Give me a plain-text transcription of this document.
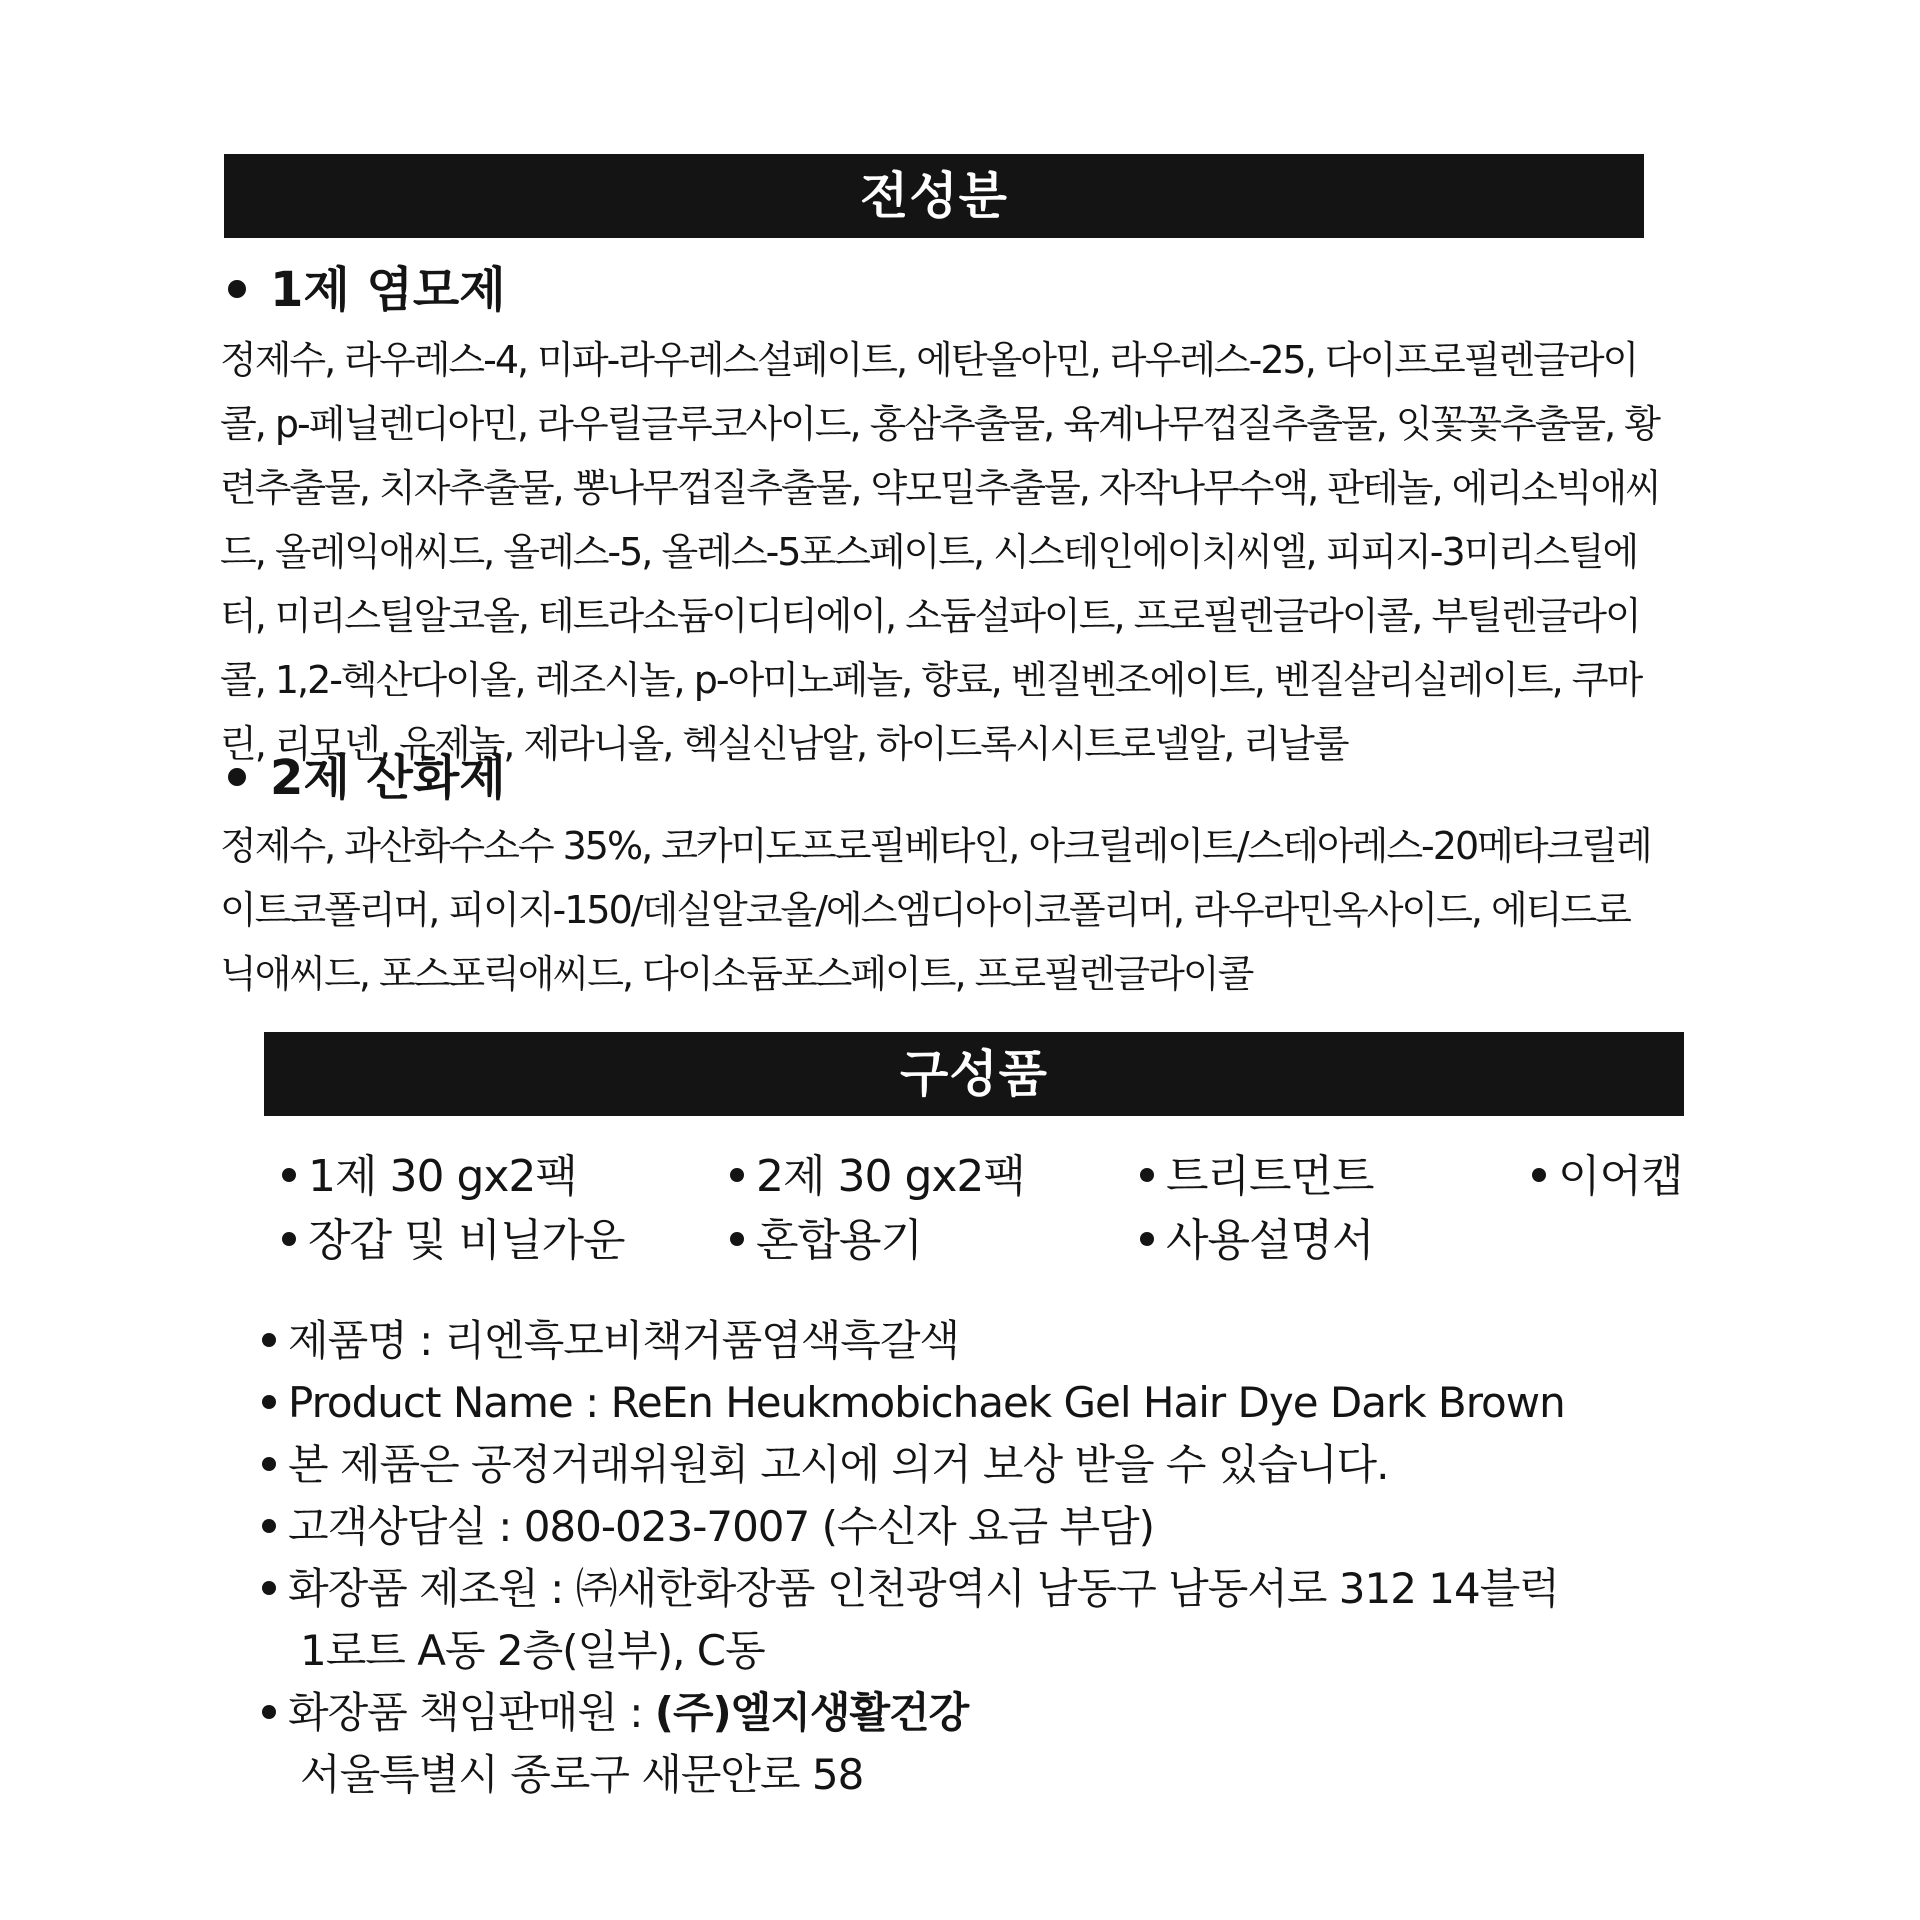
전성분
1제 염모제
정제수, 라우레스-4, 미파-라우레스설페이트, 에탄올아민, 라우레스-25, 다이프로필렌글라이콜, p-페닐렌디아민, 라우릴글루코사이드, 홍삼추출물, 육계나무껍질추출물, 잇꽃꽃추출물, 황련추출물, 치자추출물, 뽕나무껍질추출물, 약모밀추출물, 자작나무수액, 판테놀, 에리소빅애씨드, 올레익애씨드, 올레스-5, 올레스-5포스페이트, 시스테인에이치씨엘, 피피지-3미리스틸에터, 미리스틸알코올, 테트라소듐이디티에이, 소듐설파이트, 프로필렌글라이콜, 부틸렌글라이콜, 1,2-헥산다이올, 레조시놀, p-아미노페놀, 향료, 벤질벤조에이트, 벤질살리실레이트, 쿠마린, 리모넨, 유제놀, 제라니올, 헥실신남알, 하이드록시시트로넬알, 리날룰
2제 산화제
정제수, 과산화수소수 35%, 코카미도프로필베타인, 아크릴레이트/스테아레스-20메타크릴레이트코폴리머, 피이지-150/데실알코올/에스엠디아이코폴리머, 라우라민옥사이드, 에티드로닉애씨드, 포스포릭애씨드, 다이소듐포스페이트, 프로필렌글라이콜
구성품
1제 30 gx2팩	2제 30 gx2팩	트리트먼트	이어캡
장갑 및 비닐가운	혼합용기	사용설명서
제품명 : 리엔흑모비책거품염색흑갈색
Product Name : ReEn Heukmobichaek Gel Hair Dye Dark Brown
본 제품은 공정거래위원회 고시에 의거 보상 받을 수 있습니다.
고객상담실 : 080-023-7007 (수신자 요금 부담)
화장품 제조원 : ㈜새한화장품 인천광역시 남동구 남동서로 312 14블럭
1로트 A동 2층(일부), C동
화장품 책임판매원 : (주)엘지생활건강
서울특별시 종로구 새문안로 58
